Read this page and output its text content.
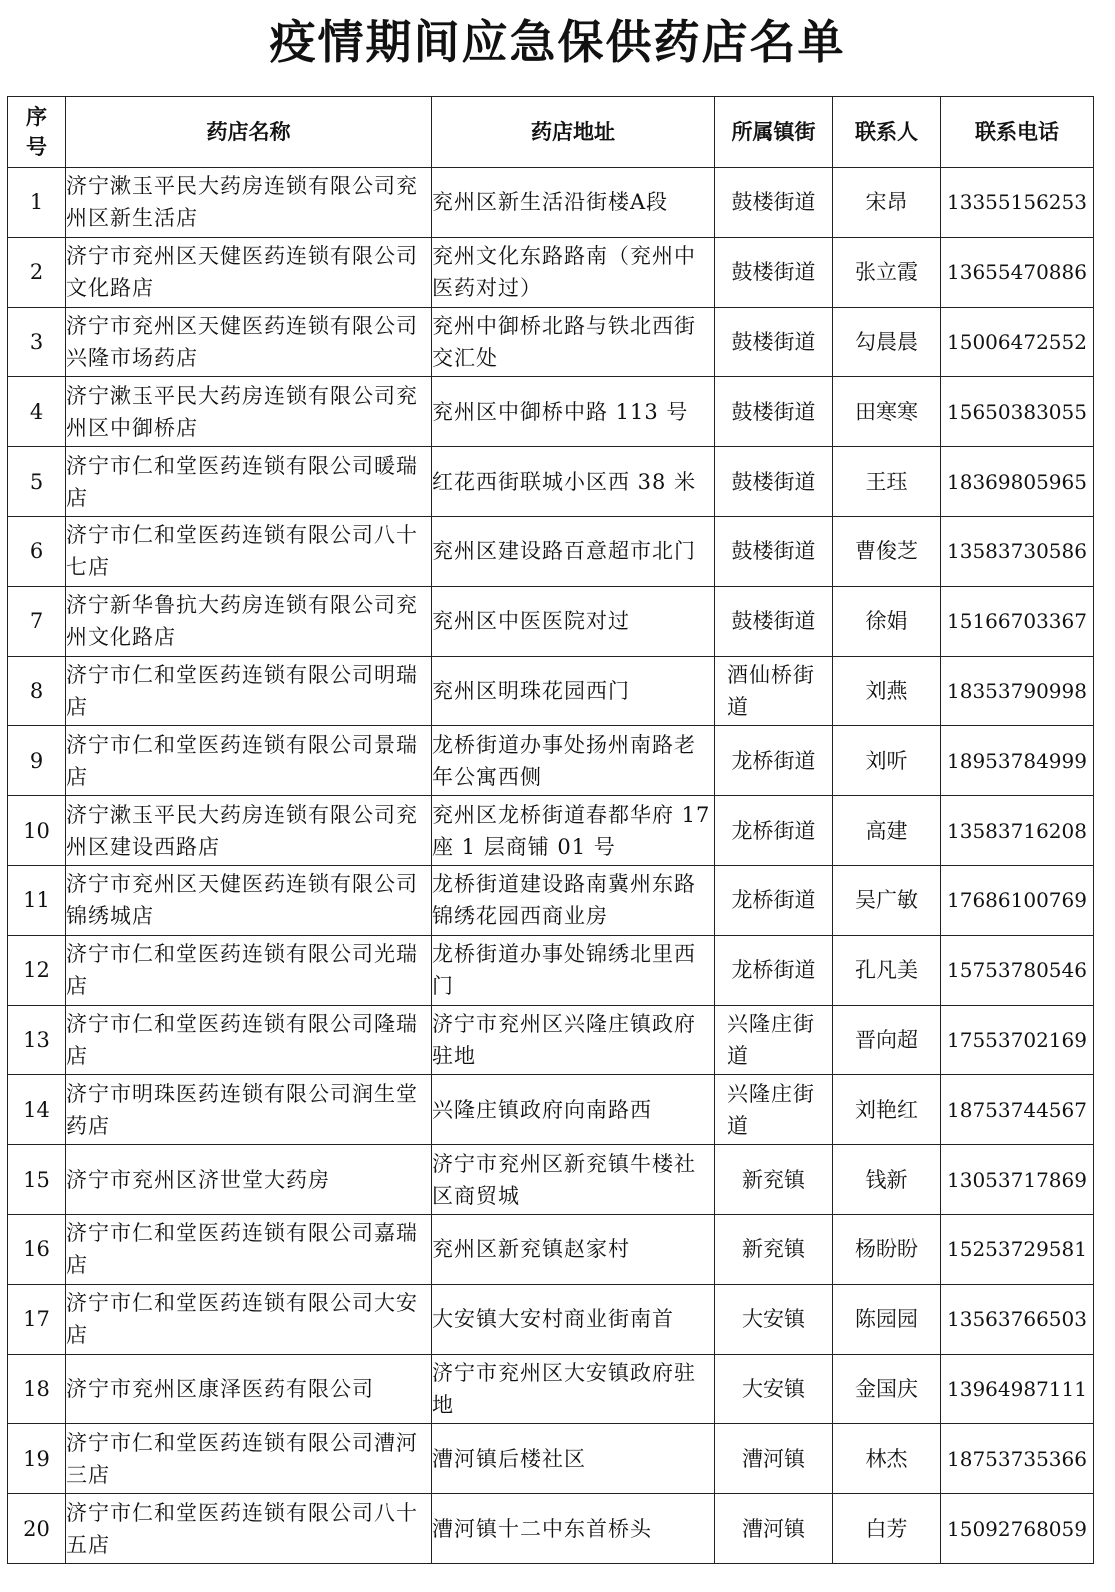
疫情期间应急保供药店名单
序号	药店名称	药店地址	所属镇街	联系人	联系电话
1	济宁漱玉平民大药房连锁有限公司兖州区新生活店	兖州区新生活沿街楼A段	鼓楼街道	宋昂	13355156253
2	济宁市兖州区天健医药连锁有限公司文化路店	兖州文化东路路南（兖州中医药对过）	鼓楼街道	张立霞	13655470886
3	济宁市兖州区天健医药连锁有限公司兴隆市场药店	兖州中御桥北路与铁北西街交汇处	鼓楼街道	勾晨晨	15006472552
4	济宁漱玉平民大药房连锁有限公司兖州区中御桥店	兖州区中御桥中路 113 号	鼓楼街道	田寒寒	15650383055
5	济宁市仁和堂医药连锁有限公司暖瑞店	红花西街联城小区西 38 米	鼓楼街道	王珏	18369805965
6	济宁市仁和堂医药连锁有限公司八十七店	兖州区建设路百意超市北门	鼓楼街道	曹俊芝	13583730586
7	济宁新华鲁抗大药房连锁有限公司兖州文化路店	兖州区中医医院对过	鼓楼街道	徐娟	15166703367
8	济宁市仁和堂医药连锁有限公司明瑞店	兖州区明珠花园西门	酒仙桥街道	刘燕	18353790998
9	济宁市仁和堂医药连锁有限公司景瑞店	龙桥街道办事处扬州南路老年公寓西侧	龙桥街道	刘听	18953784999
10	济宁漱玉平民大药房连锁有限公司兖州区建设西路店	兖州区龙桥街道春都华府 17 座 1 层商铺 01 号	龙桥街道	高建	13583716208
11	济宁市兖州区天健医药连锁有限公司锦绣城店	龙桥街道建设路南冀州东路锦绣花园西商业房	龙桥街道	吴广敏	17686100769
12	济宁市仁和堂医药连锁有限公司光瑞店	龙桥街道办事处锦绣北里西门	龙桥街道	孔凡美	15753780546
13	济宁市仁和堂医药连锁有限公司隆瑞店	济宁市兖州区兴隆庄镇政府驻地	兴隆庄街道	晋向超	17553702169
14	济宁市明珠医药连锁有限公司润生堂药店	兴隆庄镇政府向南路西	兴隆庄街道	刘艳红	18753744567
15	济宁市兖州区济世堂大药房	济宁市兖州区新兖镇牛楼社区商贸城	新兖镇	钱新	13053717869
16	济宁市仁和堂医药连锁有限公司嘉瑞店	兖州区新兖镇赵家村	新兖镇	杨盼盼	15253729581
17	济宁市仁和堂医药连锁有限公司大安店	大安镇大安村商业街南首	大安镇	陈园园	13563766503
18	济宁市兖州区康泽医药有限公司	济宁市兖州区大安镇政府驻地	大安镇	金国庆	13964987111
19	济宁市仁和堂医药连锁有限公司漕河三店	漕河镇后楼社区	漕河镇	林杰	18753735366
20	济宁市仁和堂医药连锁有限公司八十五店	漕河镇十二中东首桥头	漕河镇	白芳	15092768059
